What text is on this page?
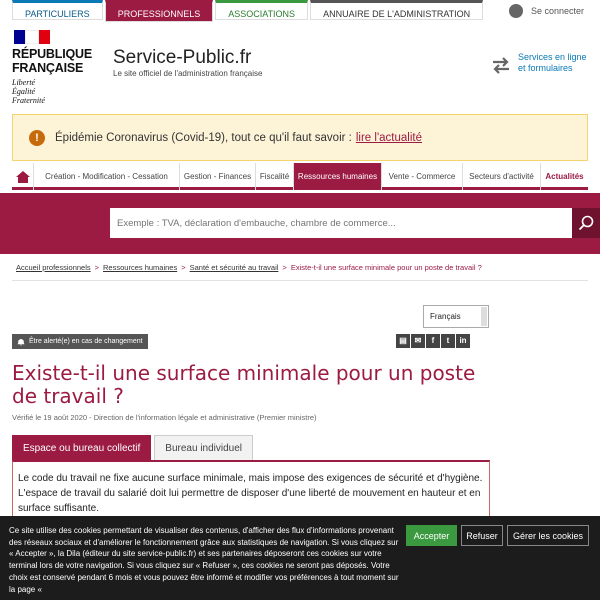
PARTICULIERS	PROFESSIONNELS	ASSOCIATIONS	ANNUAIRE DE L'ADMINISTRATION	Se connecter
RÉPUBLIQUE
FRANÇAISE
Liberté
Égalité
Fraternité
Service-Public.fr
Le site officiel de l'administration française
Services en ligne
et formulaires
!	Épidémie Coronavirus (Covid-19), tout ce qu'il faut savoir : lire l'actualité
Création - Modification - Cessation	Gestion - Finances	Fiscalité	Ressources humaines	Vente - Commerce	Secteurs d'activité	Actualités
Exemple : TVA, déclaration d'embauche, chambre de commerce...
Accueil professionnels > Ressources humaines > Santé et sécurité au travail > Existe-t-il une surface minimale pour un poste de travail ?
Français
Être alerté(e) en cas de changement	▤ ✉	f	t	in
Existe-t-il une surface minimale pour un poste de travail ?
Vérifié le 19 août 2020 - Direction de l'information légale et administrative (Premier ministre)
Espace ou bureau collectif	Bureau individuel

Le code du travail ne fixe aucune surface minimale, mais impose des exigences de sécurité et d'hygiène. L'espace de travail du salarié doit lui permettre de disposer d'une liberté de mouvement en hauteur et en surface suffisante.

Ce site utilise des cookies permettant de visualiser des contenus, d'afficher des flux d'informations provenant des réseaux sociaux et d'améliorer le fonctionnement grâce aux statistiques de navigation. Si vous cliquez sur « Accepter », la Dila (éditeur du site service-public.fr) et ses partenaires déposeront ces cookies sur votre terminal lors de votre navigation. Si vous cliquez sur « Refuser », ces cookies ne seront pas déposés. Votre choix est conservé pendant 6 mois et vous pouvez être informé et modifier vos préférences à tout moment sur la page «
Accepter	Refuser	Gérer les cookies
